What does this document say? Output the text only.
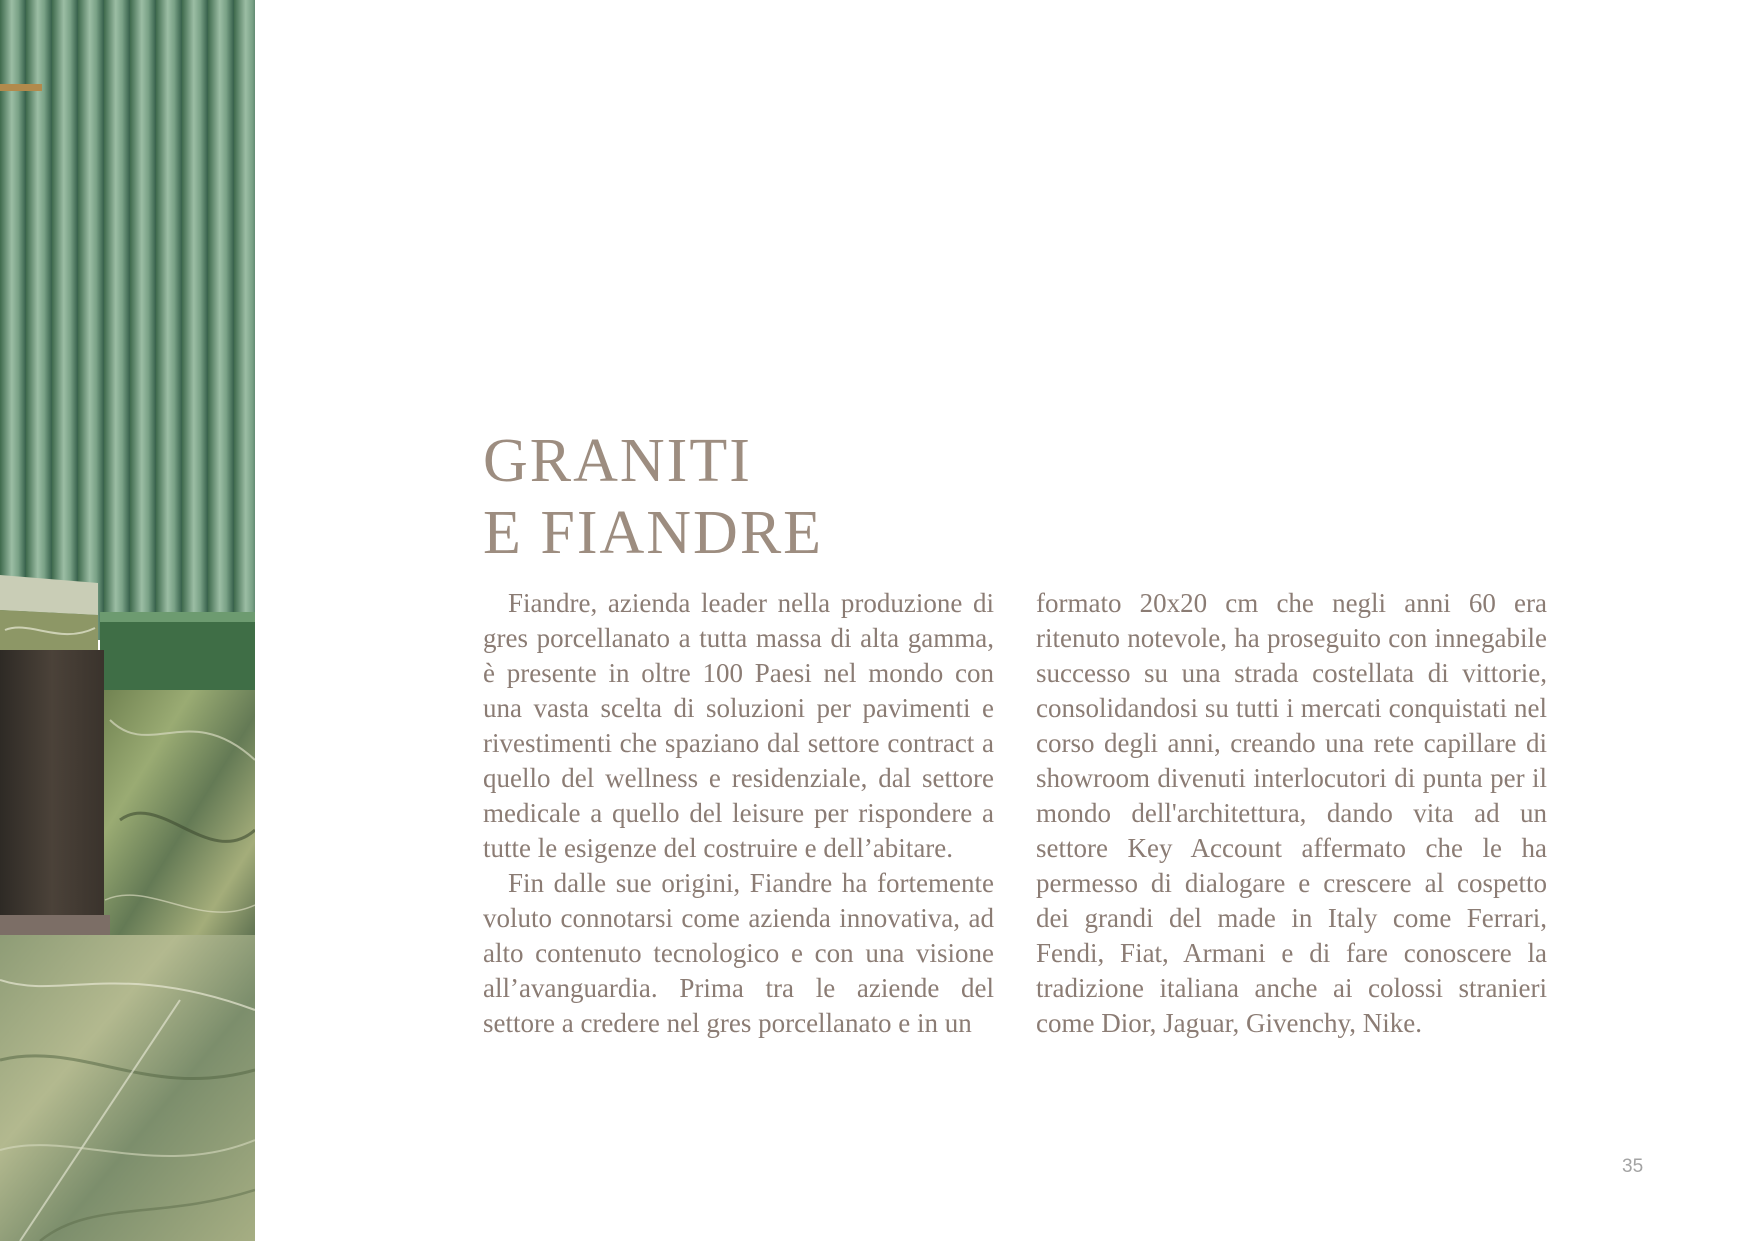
GRANITI
E FIANDRE

Fiandre, azienda leader nella produzione di gres porcellanato a tutta massa di alta gamma, è presente in oltre 100 Paesi nel mondo con una vasta scelta di soluzioni per pavimenti e rivestimenti che spaziano dal settore contract a quello del wellness e residenziale, dal settore medicale a quello del leisure per rispondere a tutte le esigenze del costruire e dell’abitare.

Fin dalle sue origini, Fiandre ha fortemente voluto connotarsi come azienda innovativa, ad alto contenuto tecnologico e con una visione all’avanguardia. Prima tra le aziende del settore a credere nel gres porcellanato e in un

formato 20x20 cm che negli anni 60 era ritenuto notevole, ha proseguito con innegabile successo su una strada costellata di vittorie, consolidandosi su tutti i mercati conquistati nel corso degli anni, creando una rete capillare di showroom divenuti interlocutori di punta per il mondo dell'architettura, dando vita ad un settore Key Account affermato che le ha permesso di dialogare e crescere al cospetto dei grandi del made in Italy come Ferrari, Fendi, Fiat, Armani e di fare conoscere la tradizione italiana anche ai colossi stranieri come Dior, Jaguar, Givenchy, Nike.

35
